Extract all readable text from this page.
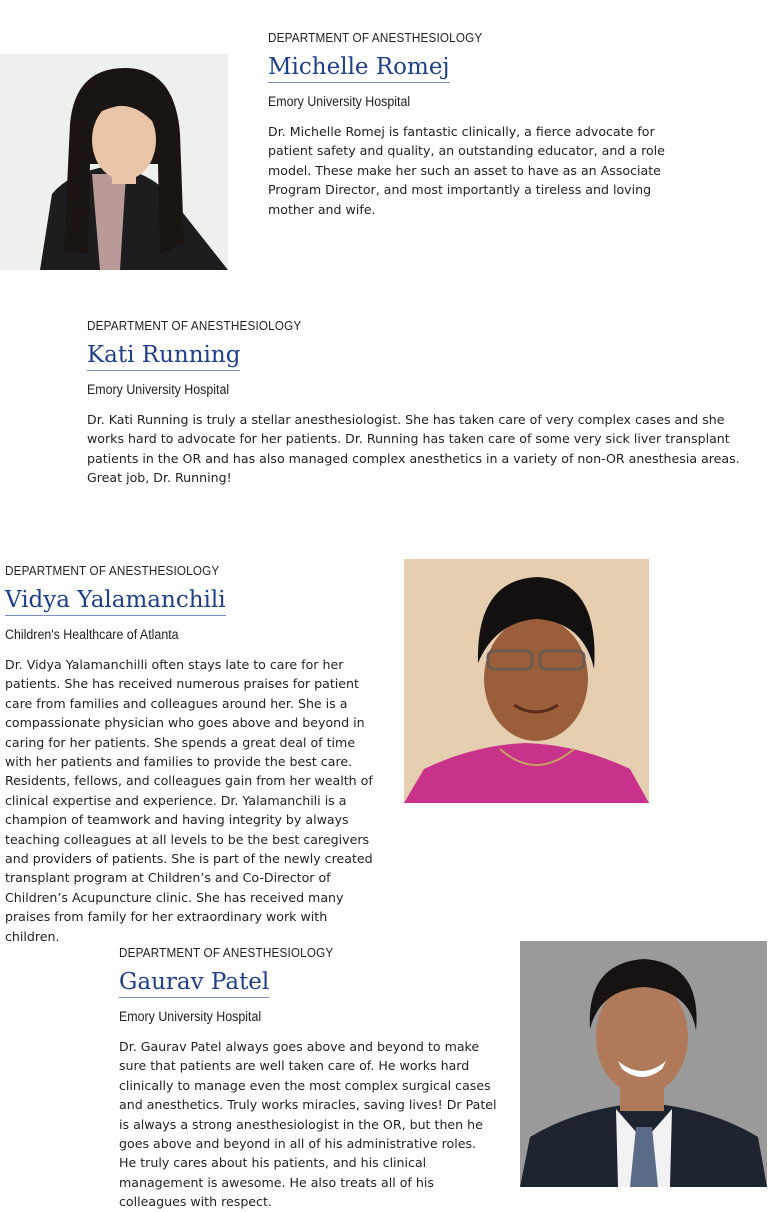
DEPARTMENT OF ANESTHESIOLOGY

Michelle Romej

Emory University Hospital

Dr. Michelle Romej is fantastic clinically, a fierce advocate for patient safety and quality, an outstanding educator, and a role model. These make her such an asset to have as an Associate Program Director, and most importantly a tireless and loving mother and wife.

DEPARTMENT OF ANESTHESIOLOGY

Kati Running

Emory University Hospital

Dr. Kati Running is truly a stellar anesthesiologist. She has taken care of very complex cases and she works hard to advocate for her patients. Dr. Running has taken care of some very sick liver transplant patients in the OR and has also managed complex anesthetics in a variety of non-OR anesthesia areas. Great job, Dr. Running!

DEPARTMENT OF ANESTHESIOLOGY

Vidya Yalamanchili

Children's Healthcare of Atlanta

Dr. Vidya Yalamanchilli often stays late to care for her patients. She has received numerous praises for patient care from families and colleagues around her. She is a compassionate physician who goes above and beyond in caring for her patients. She spends a great deal of time with her patients and families to provide the best care. Residents, fellows, and colleagues gain from her wealth of clinical expertise and experience. Dr. Yalamanchili is a champion of teamwork and having integrity by always teaching colleagues at all levels to be the best caregivers and providers of patients. She is part of the newly created transplant program at Children’s and Co-Director of Children’s Acupuncture clinic. She has received many praises from family for her extraordinary work with children.

DEPARTMENT OF ANESTHESIOLOGY

Gaurav Patel

Emory University Hospital

Dr. Gaurav Patel always goes above and beyond to make sure that patients are well taken care of. He works hard clinically to manage even the most complex surgical cases and anesthetics. Truly works miracles, saving lives! Dr Patel is always a strong anesthesiologist in the OR, but then he goes above and beyond in all of his administrative roles. He truly cares about his patients, and his clinical management is awesome. He also treats all of his colleagues with respect.
